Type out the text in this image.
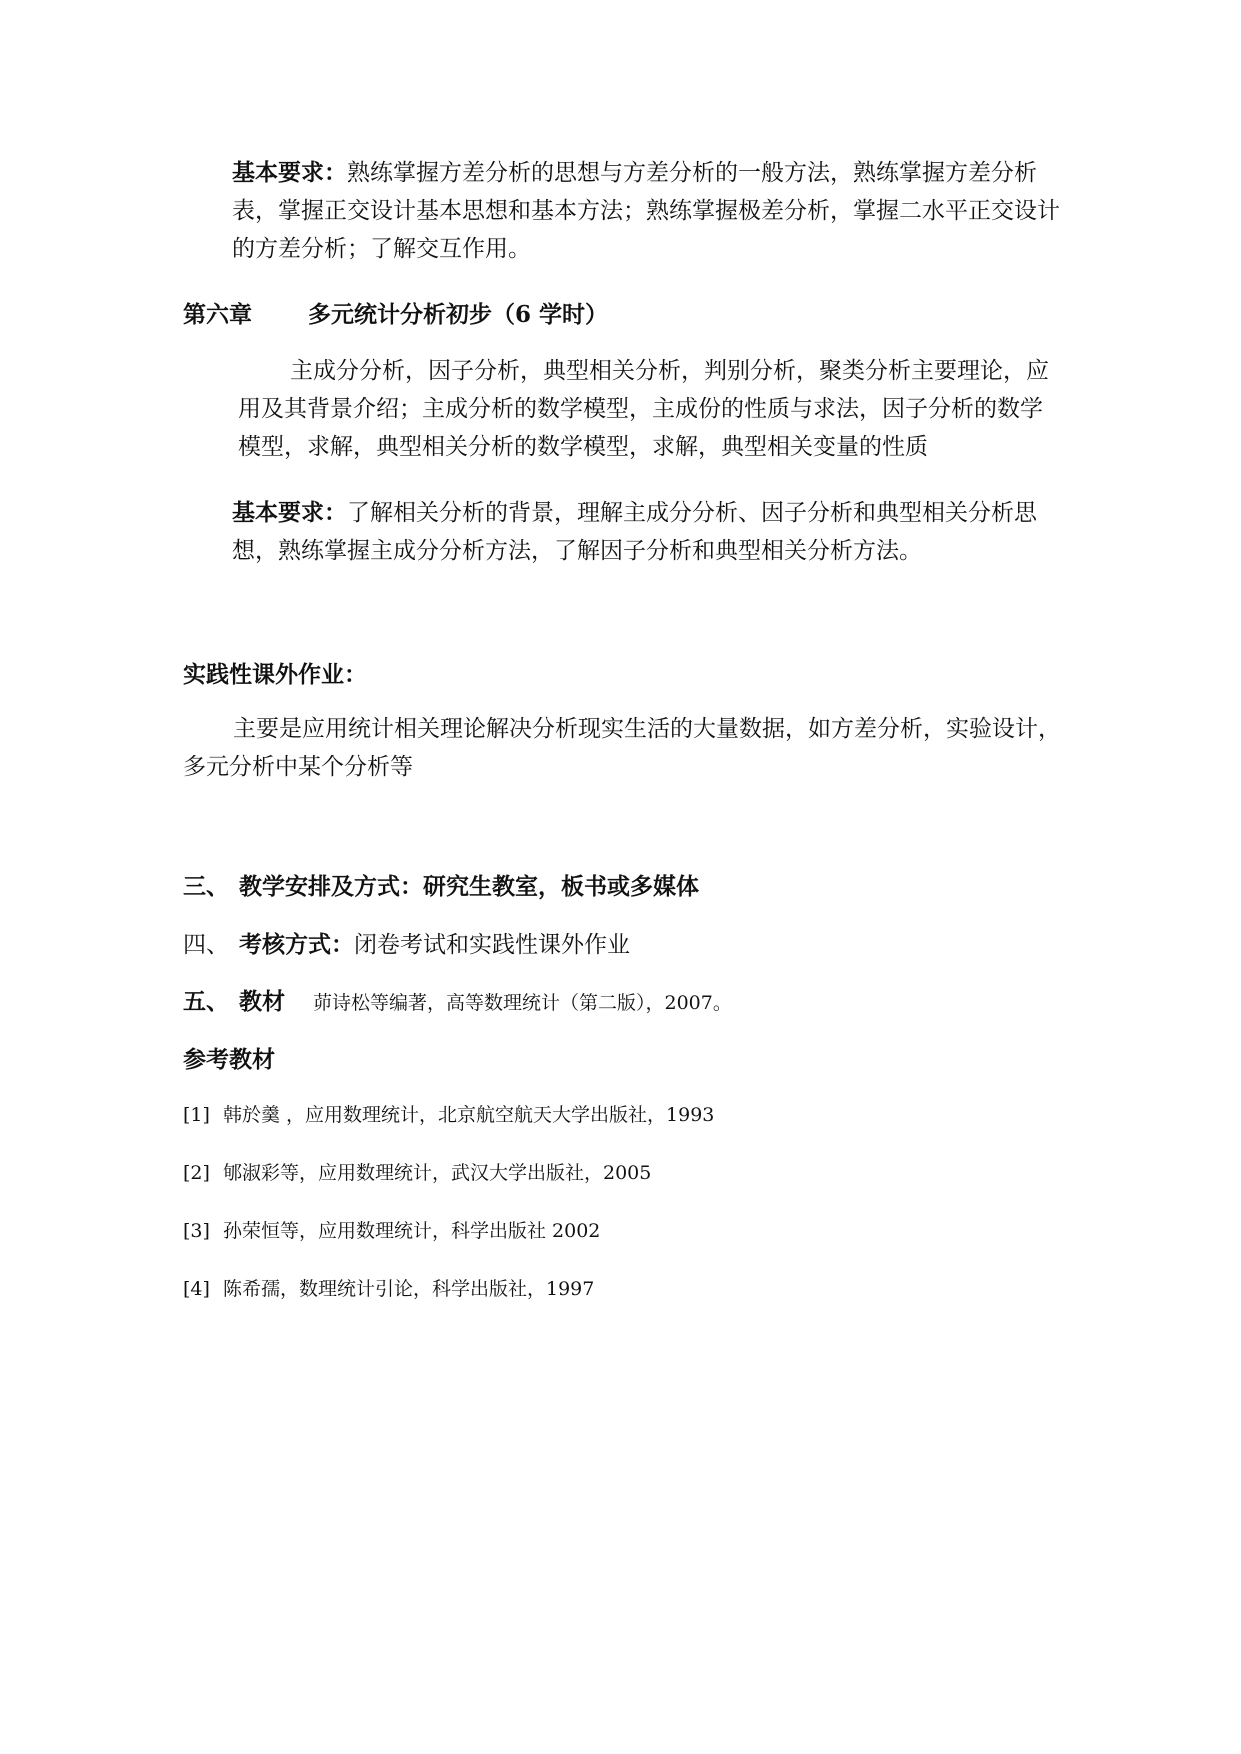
基本要求：熟练掌握方差分析的思想与方差分析的一般方法，熟练掌握方差分析表，掌握正交设计基本思想和基本方法；熟练掌握极差分析，掌握二水平正交设计的方差分析；了解交互作用。
第六章 多元统计分析初步（6 学时）
主成分分析，因子分析，典型相关分析，判别分析，聚类分析主要理论，应用及其背景介绍；主成分析的数学模型，主成份的性质与求法，因子分析的数学模型，求解，典型相关分析的数学模型，求解，典型相关变量的性质
基本要求：了解相关分析的背景，理解主成分分析、因子分析和典型相关分析思想，熟练掌握主成分分析方法，了解因子分析和典型相关分析方法。
实践性课外作业：
主要是应用统计相关理论解决分析现实生活的大量数据，如方差分析，实验设计，多元分析中某个分析等
三、 教学安排及方式：研究生教室，板书或多媒体
四、 考核方式：闭卷考试和实践性课外作业
五、 教材 茆诗松等编著，高等数理统计（第二版），2007。
参考教材
[1] 韩於羹 ，应用数理统计，北京航空航天大学出版社，1993
[2] 郇淑彩等，应用数理统计，武汉大学出版社，2005
[3] 孙荣恒等，应用数理统计，科学出版社 2002
[4] 陈希孺，数理统计引论，科学出版社，1997
